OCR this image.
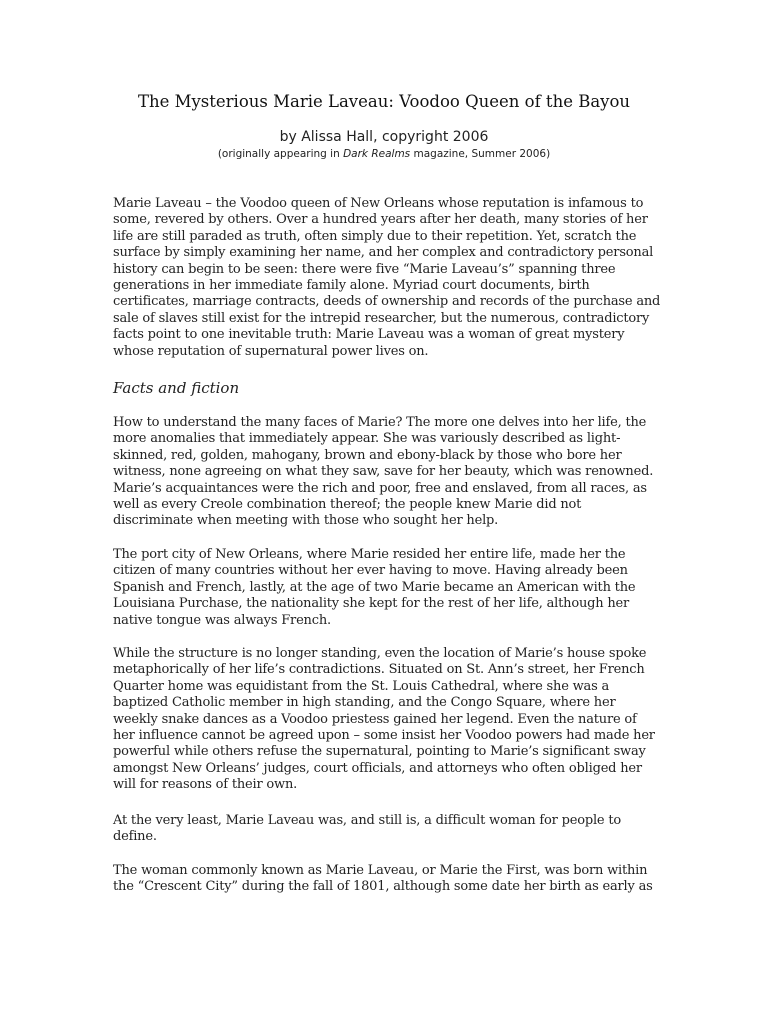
The Mysterious Marie Laveau: Voodoo Queen of the Bayou
by Alissa Hall, copyright 2006
(originally appearing in Dark Realms magazine, Summer 2006)

Marie Laveau – the Voodoo queen of New Orleans whose reputation is infamous to
some, revered by others. Over a hundred years after her death, many stories of her
life are still paraded as truth, often simply due to their repetition. Yet, scratch the
surface by simply examining her name, and her complex and contradictory personal
history can begin to be seen: there were five “Marie Laveau’s” spanning three
generations in her immediate family alone. Myriad court documents, birth
certificates, marriage contracts, deeds of ownership and records of the purchase and
sale of slaves still exist for the intrepid researcher, but the numerous, contradictory
facts point to one inevitable truth: Marie Laveau was a woman of great mystery
whose reputation of supernatural power lives on.

Facts and fiction

How to understand the many faces of Marie? The more one delves into her life, the
more anomalies that immediately appear. She was variously described as light-
skinned, red, golden, mahogany, brown and ebony-black by those who bore her
witness, none agreeing on what they saw, save for her beauty, which was renowned.
Marie’s acquaintances were the rich and poor, free and enslaved, from all races, as
well as every Creole combination thereof; the people knew Marie did not
discriminate when meeting with those who sought her help.

The port city of New Orleans, where Marie resided her entire life, made her the
citizen of many countries without her ever having to move. Having already been
Spanish and French, lastly, at the age of two Marie became an American with the
Louisiana Purchase, the nationality she kept for the rest of her life, although her
native tongue was always French.

While the structure is no longer standing, even the location of Marie’s house spoke
metaphorically of her life’s contradictions. Situated on St. Ann’s street, her French
Quarter home was equidistant from the St. Louis Cathedral, where she was a
baptized Catholic member in high standing, and the Congo Square, where her
weekly snake dances as a Voodoo priestess gained her legend. Even the nature of
her influence cannot be agreed upon – some insist her Voodoo powers had made her
powerful while others refuse the supernatural, pointing to Marie’s significant sway
amongst New Orleans’ judges, court officials, and attorneys who often obliged her
will for reasons of their own.

At the very least, Marie Laveau was, and still is, a difficult woman for people to
define.

The woman commonly known as Marie Laveau, or Marie the First, was born within
the “Crescent City” during the fall of 1801, although some date her birth as early as
